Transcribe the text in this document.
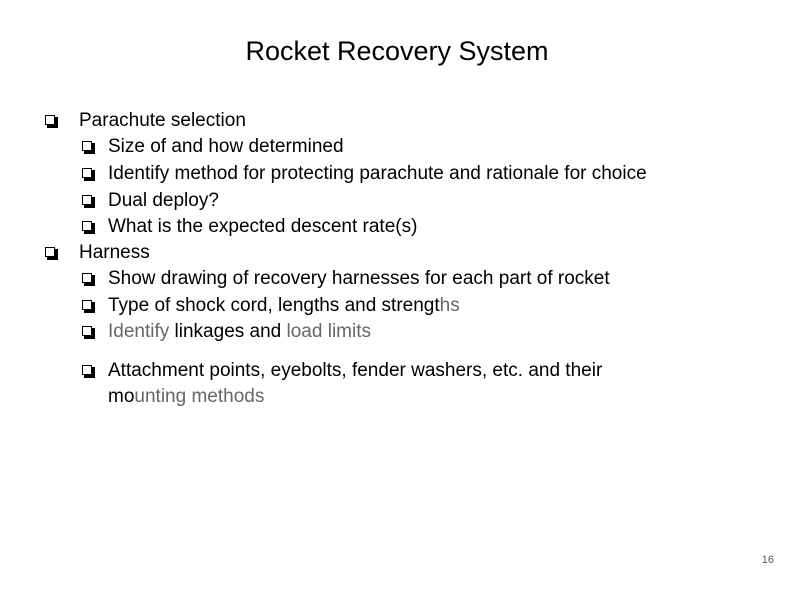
Rocket Recovery System
Parachute selection
Size of and how determined
Identify method for protecting parachute and rationale for choice
Dual deploy?
What is the expected descent rate(s)
Harness
Show drawing of recovery harnesses for each part of rocket
Type of shock cord, lengths and strengths
Identify linkages and load limits
Attachment points, eyebolts, fender washers, etc. and their
mounting methods
16
